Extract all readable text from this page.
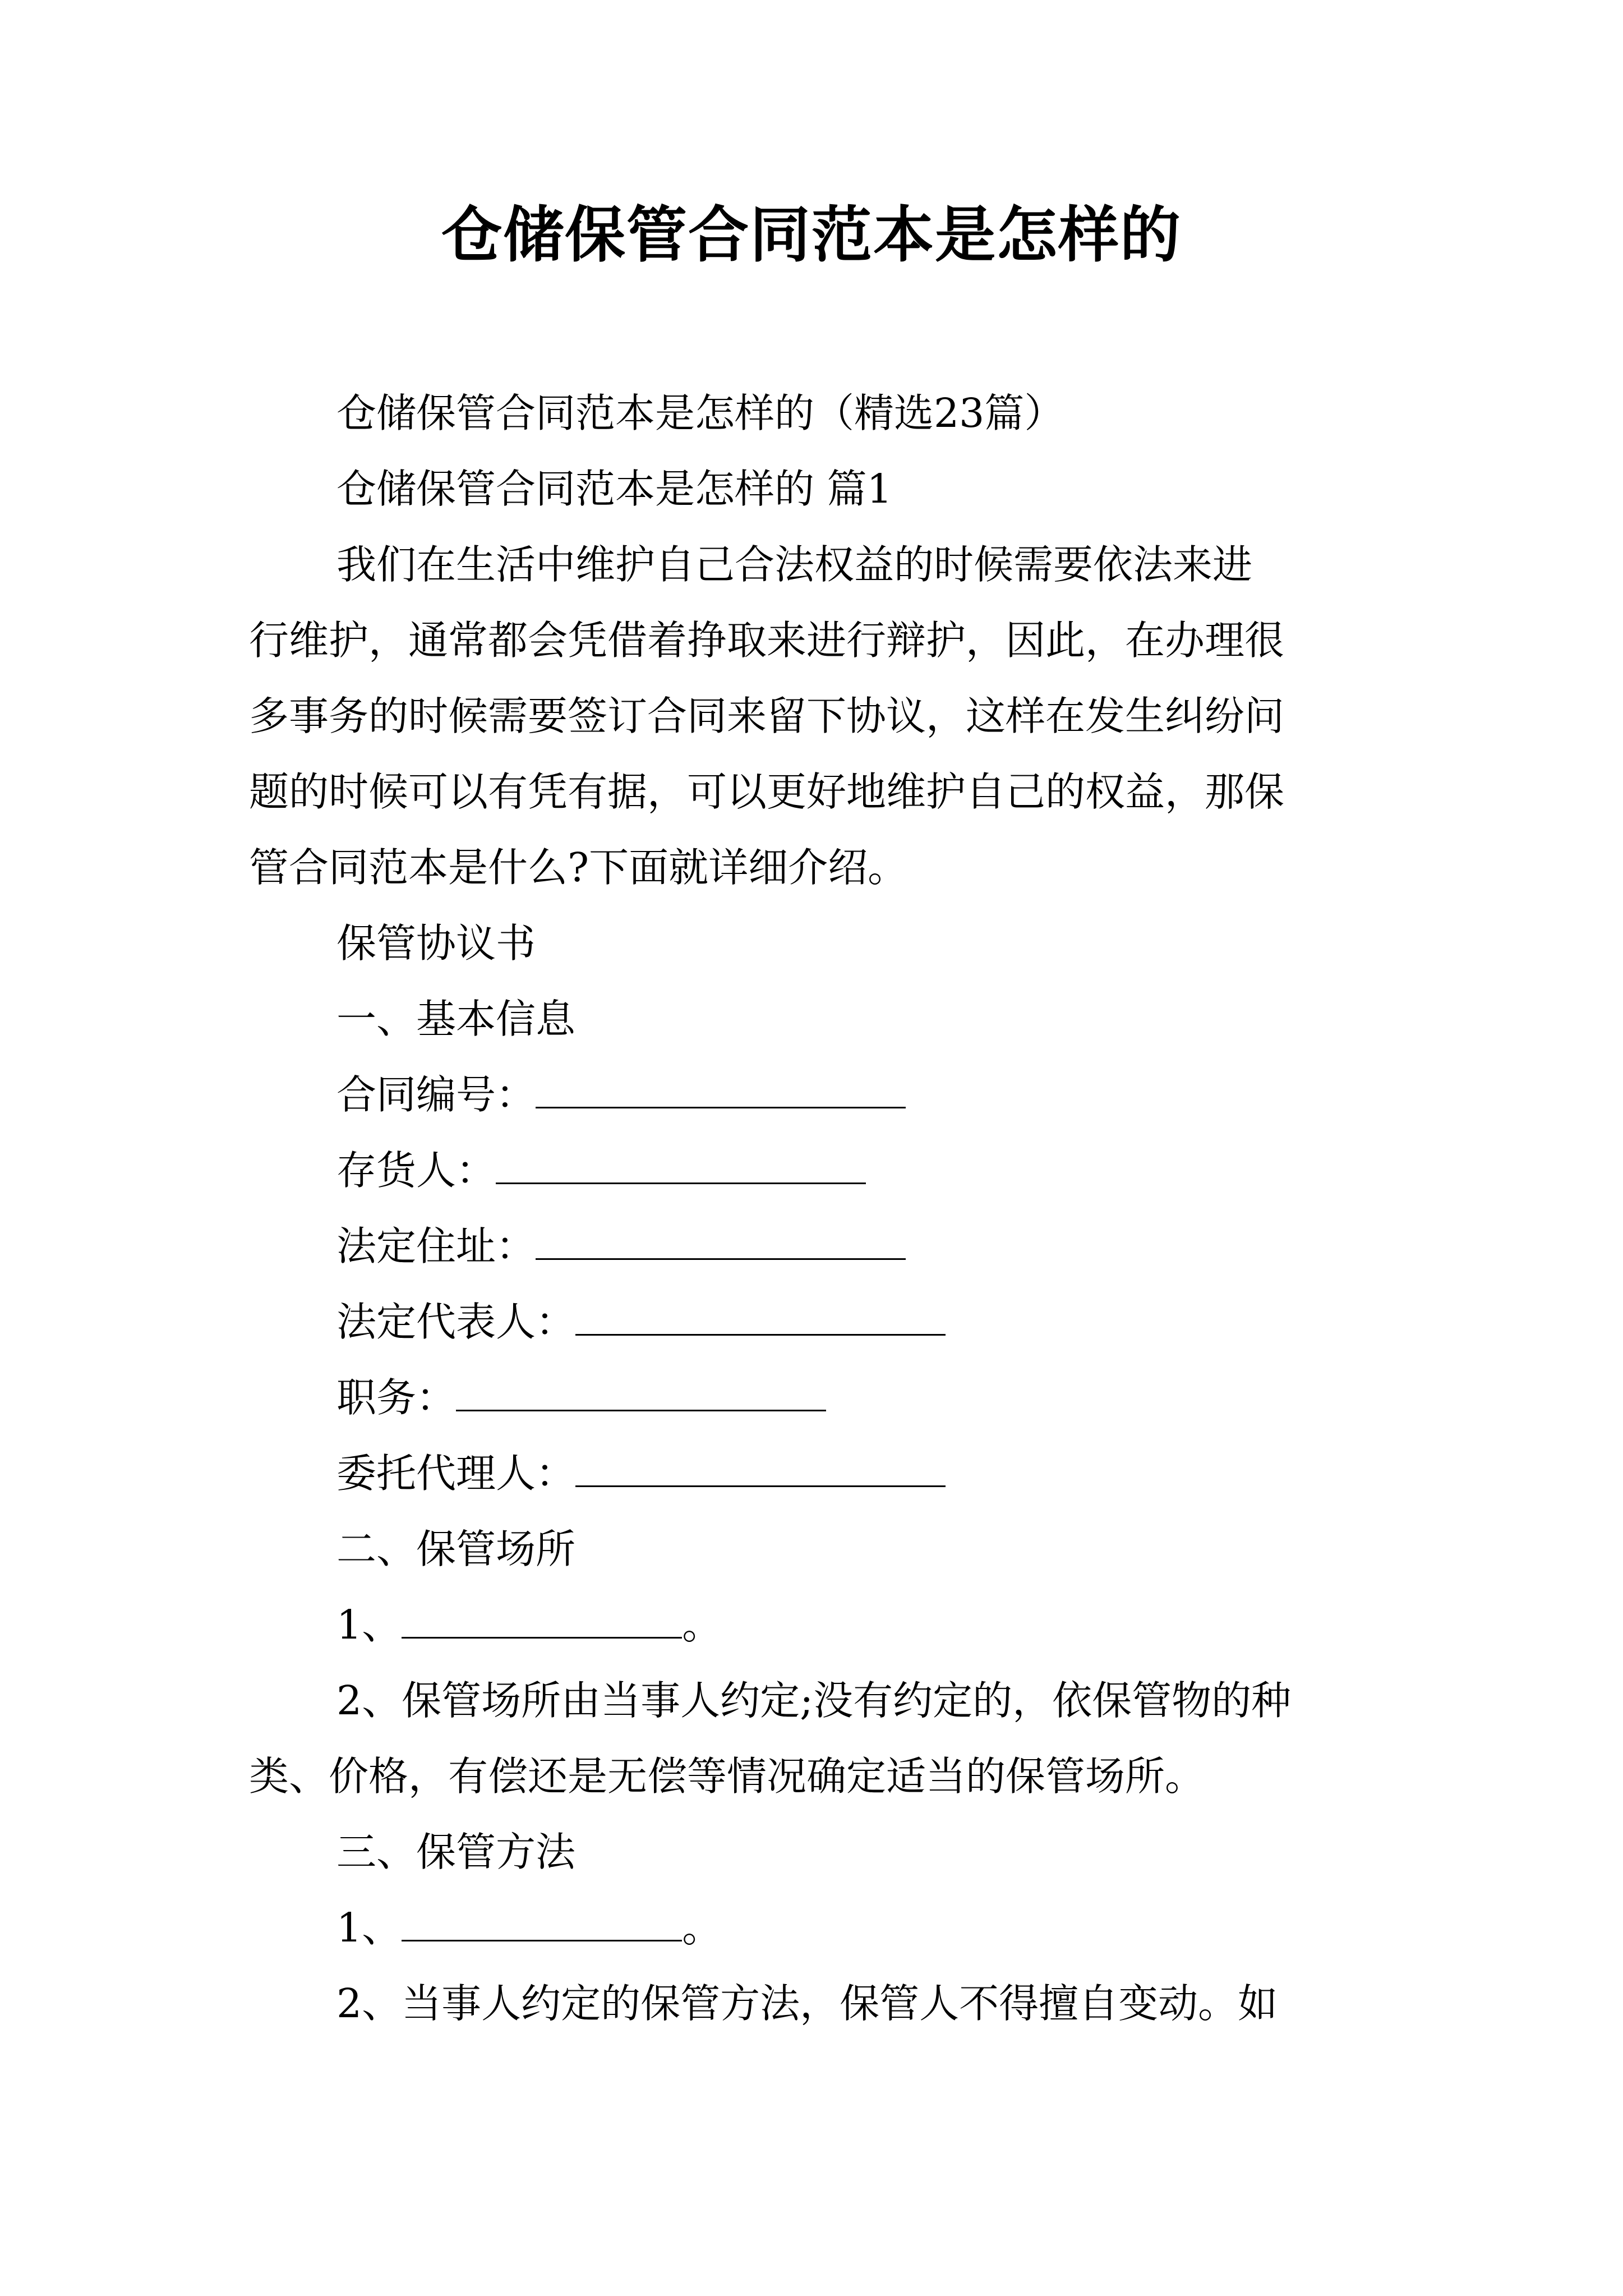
仓储保管合同范本是怎样的
仓储保管合同范本是怎样的（精选23篇）
仓储保管合同范本是怎样的 篇1
我们在生活中维护自己合法权益的时候需要依法来进
行维护，通常都会凭借着挣取来进行辩护，因此，在办理很
多事务的时候需要签订合同来留下协议，这样在发生纠纷问
题的时候可以有凭有据，可以更好地维护自己的权益，那保
管合同范本是什么?下面就详细介绍。
保管协议书
一、基本信息
合同编号：
存货人：
法定住址：
法定代表人：
职务：
委托代理人：
二、保管场所
1、	。
2、保管场所由当事人约定;没有约定的，依保管物的种
类、价格，有偿还是无偿等情况确定适当的保管场所。
三、保管方法
1、	。
2、当事人约定的保管方法，保管人不得擅自变动。如
